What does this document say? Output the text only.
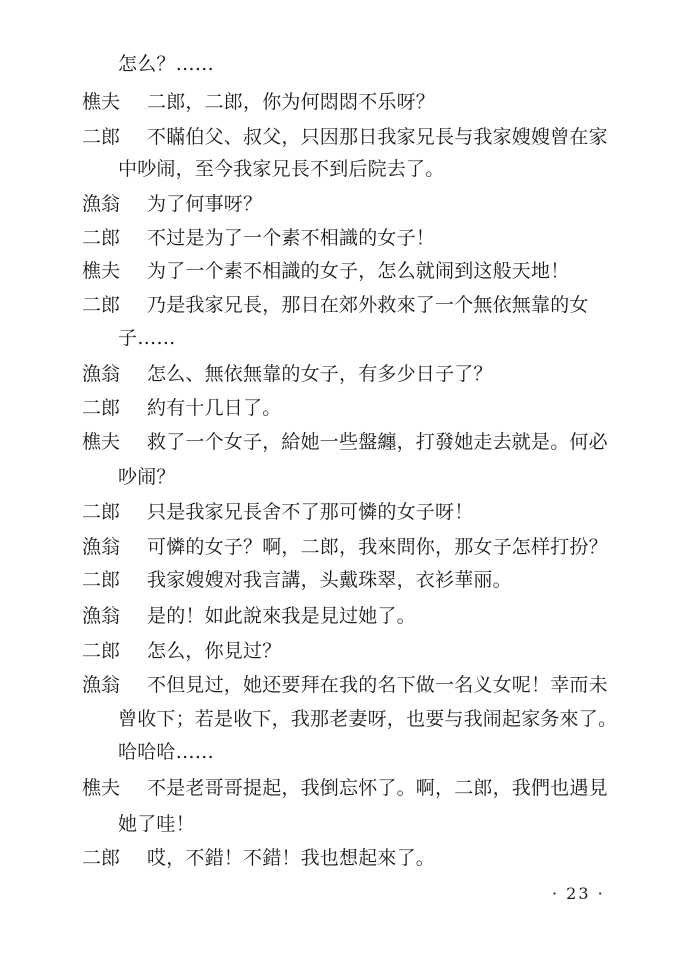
怎么？……
樵夫 二郎，二郎，你为何悶悶不乐呀？
二郎 不瞞伯父、叔父，只因那日我家兄長与我家嫂嫂曾在家
中吵闹，至今我家兄長不到后院去了。
漁翁 为了何事呀？
二郎 不过是为了一个素不相識的女子！
樵夫 为了一个素不相識的女子，怎么就闹到这般天地！
二郎 乃是我家兄長，那日在郊外救來了一个無依無靠的女
子……
漁翁 怎么、無依無靠的女子，有多少日子了？
二郎 約有十几日了。
樵夫 救了一个女子，給她一些盤纏，打發她走去就是。何必
吵闹？
二郎 只是我家兄長舍不了那可憐的女子呀！
漁翁 可憐的女子？啊，二郎，我來問你，那女子怎样打扮？
二郎 我家嫂嫂对我言講，头戴珠翠，衣衫華丽。
漁翁 是的！如此說來我是見过她了。
二郎 怎么，你見过？
漁翁 不但見过，她还要拜在我的名下做一名义女呢！幸而未
曾收下；若是收下，我那老妻呀，也要与我闹起家务來了。
哈哈哈……
樵夫 不是老哥哥提起，我倒忘怀了。啊，二郎，我們也遇見
她了哇！
二郎 哎，不錯！不錯！我也想起來了。
· 23 ·
